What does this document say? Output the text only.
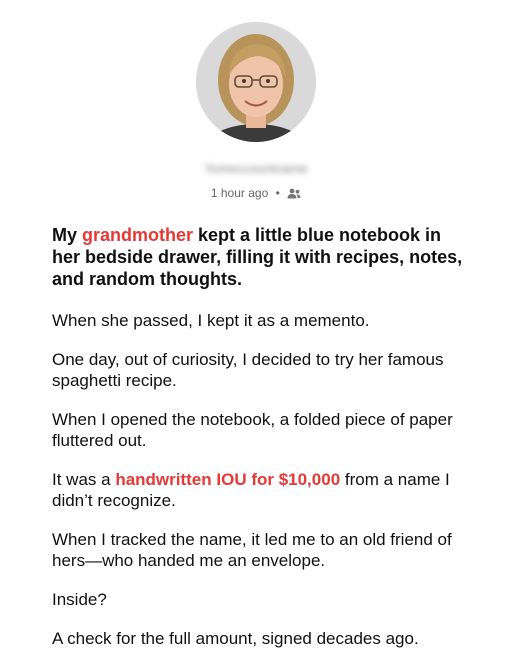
Yomeccountname
1 hour ago •

My grandmother kept a little blue notebook in her bedside drawer, filling it with recipes, notes, and random thoughts.

When she passed, I kept it as a memento.

One day, out of curiosity, I decided to try her famous spaghetti recipe.

When I opened the notebook, a folded piece of paper fluttered out.

It was a handwritten IOU for $10,000 from a name I didn’t recognize.

When I tracked the name, it led me to an old friend of hers—who handed me an envelope.

Inside?

A check for the full amount, signed decades ago.
